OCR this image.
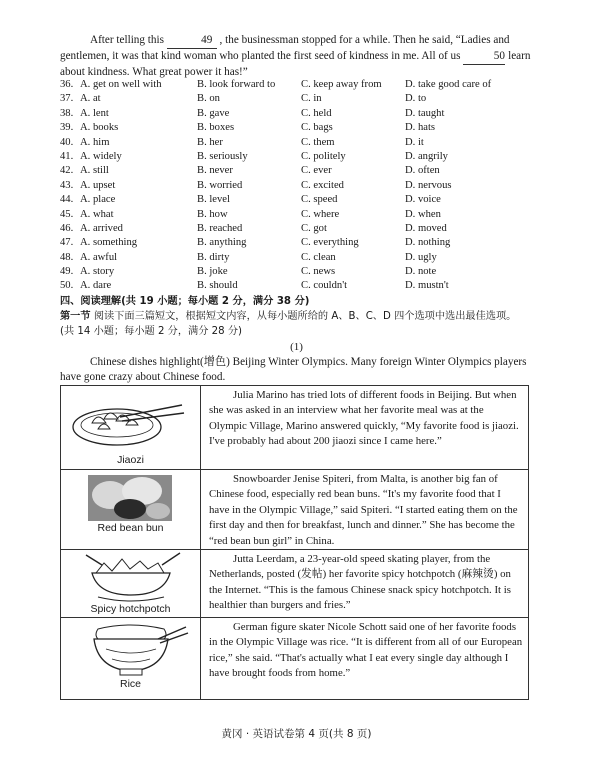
After telling this	49 , the businessman stopped for a while. Then he said, “Ladies and gentlemen, it was that kind woman who planted the first seed of kindness in me. All of us	50 learn about kindness. What great power it has!”
36. A. get on well with	B. look forward to C. keep away from D. take good care of
37. A. at	B. on	C. in	D. to
38. A. lent	B. gave	C. held	D. taught
39. A. books	B. boxes	C. bags	D. hats
40. A. him	B. her	C. them	D. it
41. A. widely	B. seriously	C. politely	D. angrily
42. A. still	B. never	C. ever	D. often
43. A. upset	B. worried	C. excited	D. nervous
44. A. place	B. level	C. speed	D. voice
45. A. what	B. how	C. where	D. when
46. A. arrived	B. reached	C. got	D. moved
47. A. something	B. anything	C. everything	D. nothing
48. A. awful	B. dirty	C. clean	D. ugly
49. A. story	B. joke	C. news	D. note
50. A. dare	B. should	C. couldn't	D. mustn't
四、阅读理解(共 19 小题；每小题 2 分，满分 38 分)
第一节 阅读下面三篇短文，根据短文内容，从每小题所给的 A、B、C、D 四个选项中选出最佳选项。
(共 14 小题；每小题 2 分，满分 28 分)
(1)
Chinese dishes highlight(增色) Beijing Winter Olympics. Many foreign Winter Olympics players have gone crazy about Chinese food.
Jiaozi	Julia Marino has tried lots of different foods in Beijing. But when she was asked in an interview what her favorite meal was at the Olympic Village, Marino answered quickly, “My favorite food is jiaozi. I've probably had about 200 jiaozi since I came here.”

Red bean bun	Snowboarder Jenise Spiteri, from Malta, is another big fan of Chinese food, especially red bean buns. “It's my favorite food that I have in the Olympic Village,” said Spiteri. “I started eating them on the first day and then for breakfast, lunch and dinner.” She has become the “red bean bun girl” in China.

Spicy hotchpotch	Jutta Leerdam, a 23-year-old speed skating player, from the Netherlands, posted (发帖) her favorite spicy hotchpotch (麻辣烫) on the Internet. “This is the famous Chinese snack spicy hotchpotch. It is healthier than burgers and fries.”

Rice	German figure skater Nicole Schott said one of her favorite foods in the Olympic Village was rice. “It is different from all of our European rice,” she said. “That's actually what I eat every single day although I have brought foods from home.”
黄冈 · 英语试卷第 4 页(共 8 页)
